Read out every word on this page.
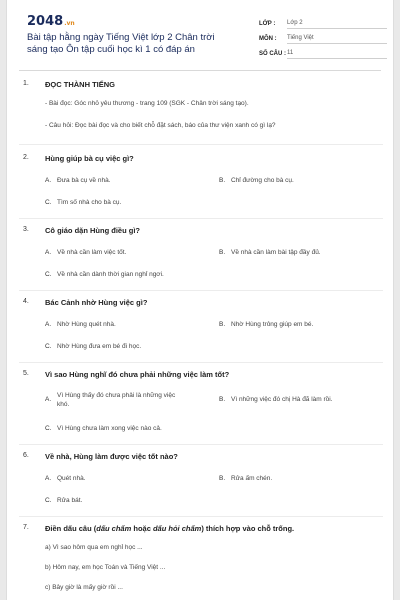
2048.vn
Bài tập hằng ngày Tiếng Việt lớp 2 Chân trời sáng tạo Ôn tập cuối học kì 1 có đáp án
LỚP :	Lớp 2
MÔN :	Tiếng Việt
SỐ CÂU : 11
1. ĐỌC THÀNH TIẾNG
- Bài đọc: Góc nhỏ yêu thương - trang 109 (SGK - Chân trời sáng tạo).
- Câu hỏi: Đọc bài đọc và cho biết chỗ đặt sách, báo của thư viện xanh có gì lạ?
2. Hùng giúp bà cụ việc gì?
A. Đưa bà cụ về nhà.	B. Chỉ đường cho bà cụ.
C. Tìm số nhà cho bà cụ.
3. Cô giáo dặn Hùng điều gì?
A. Về nhà cần làm việc tốt.	B. Về nhà cần làm bài tập đầy đủ.
C. Về nhà cần dành thời gian nghỉ ngơi.
4. Bác Cảnh nhờ Hùng việc gì?
A. Nhờ Hùng quét nhà.	B. Nhờ Hùng trông giúp em bé.
C. Nhờ Hùng đưa em bé đi học.
5. Vì sao Hùng nghĩ đó chưa phải những việc làm tốt?
A.
Vì Hùng thấy đó chưa phải là những việc khó.
B. Vì những việc đó chị Hà đã làm rồi.
C. Vì Hùng chưa làm xong việc nào cả.
6. Về nhà, Hùng làm được việc tốt nào?
A. Quét nhà.	B. Rửa ấm chén.
C. Rửa bát.
7. Điền dấu câu (dấu chấm hoặc dấu hỏi chấm) thích hợp vào chỗ trống.
a) Vì sao hôm qua em nghỉ học ...
b) Hôm nay, em học Toán và Tiếng Việt ...
c) Bây giờ là mấy giờ rồi ...
